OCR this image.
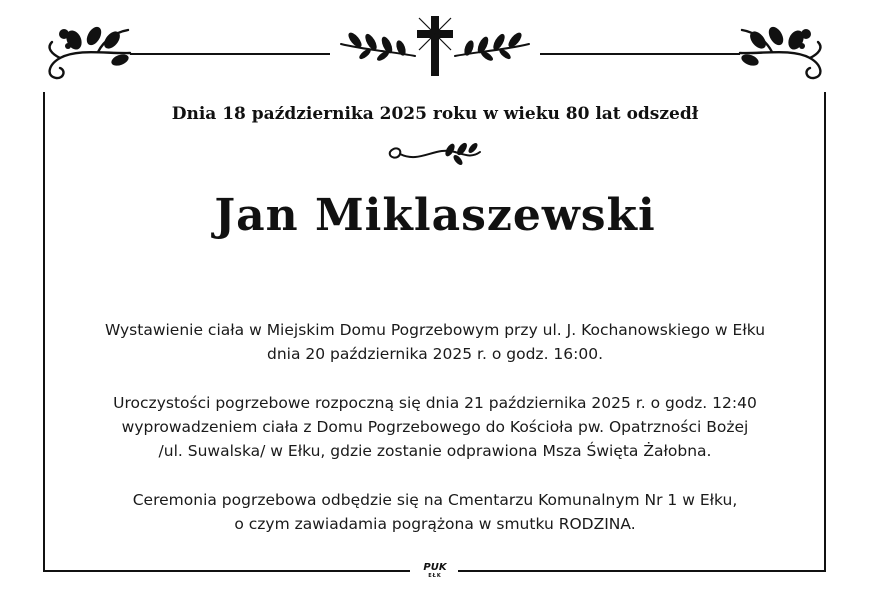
Dnia 18 października 2025 roku w wieku 80 lat odszedł
Jan Miklaszewski
Wystawienie ciała w Miejskim Domu Pogrzebowym przy ul. J. Kochanowskiego w Ełku
dnia 20 października 2025 r. o godz. 16:00.
Uroczystości pogrzebowe rozpoczną się dnia 21 października 2025 r. o godz. 12:40
wyprowadzeniem ciała z Domu Pogrzebowego do Kościoła pw. Opatrzności Bożej
/ul. Suwalska/ w Ełku, gdzie zostanie odprawiona Msza Święta Żałobna.
Ceremonia pogrzebowa odbędzie się na Cmentarzu Komunalnym Nr 1 w Ełku,
o czym zawiadamia pogrążona w smutku RODZINA.
PUK
EŁK
